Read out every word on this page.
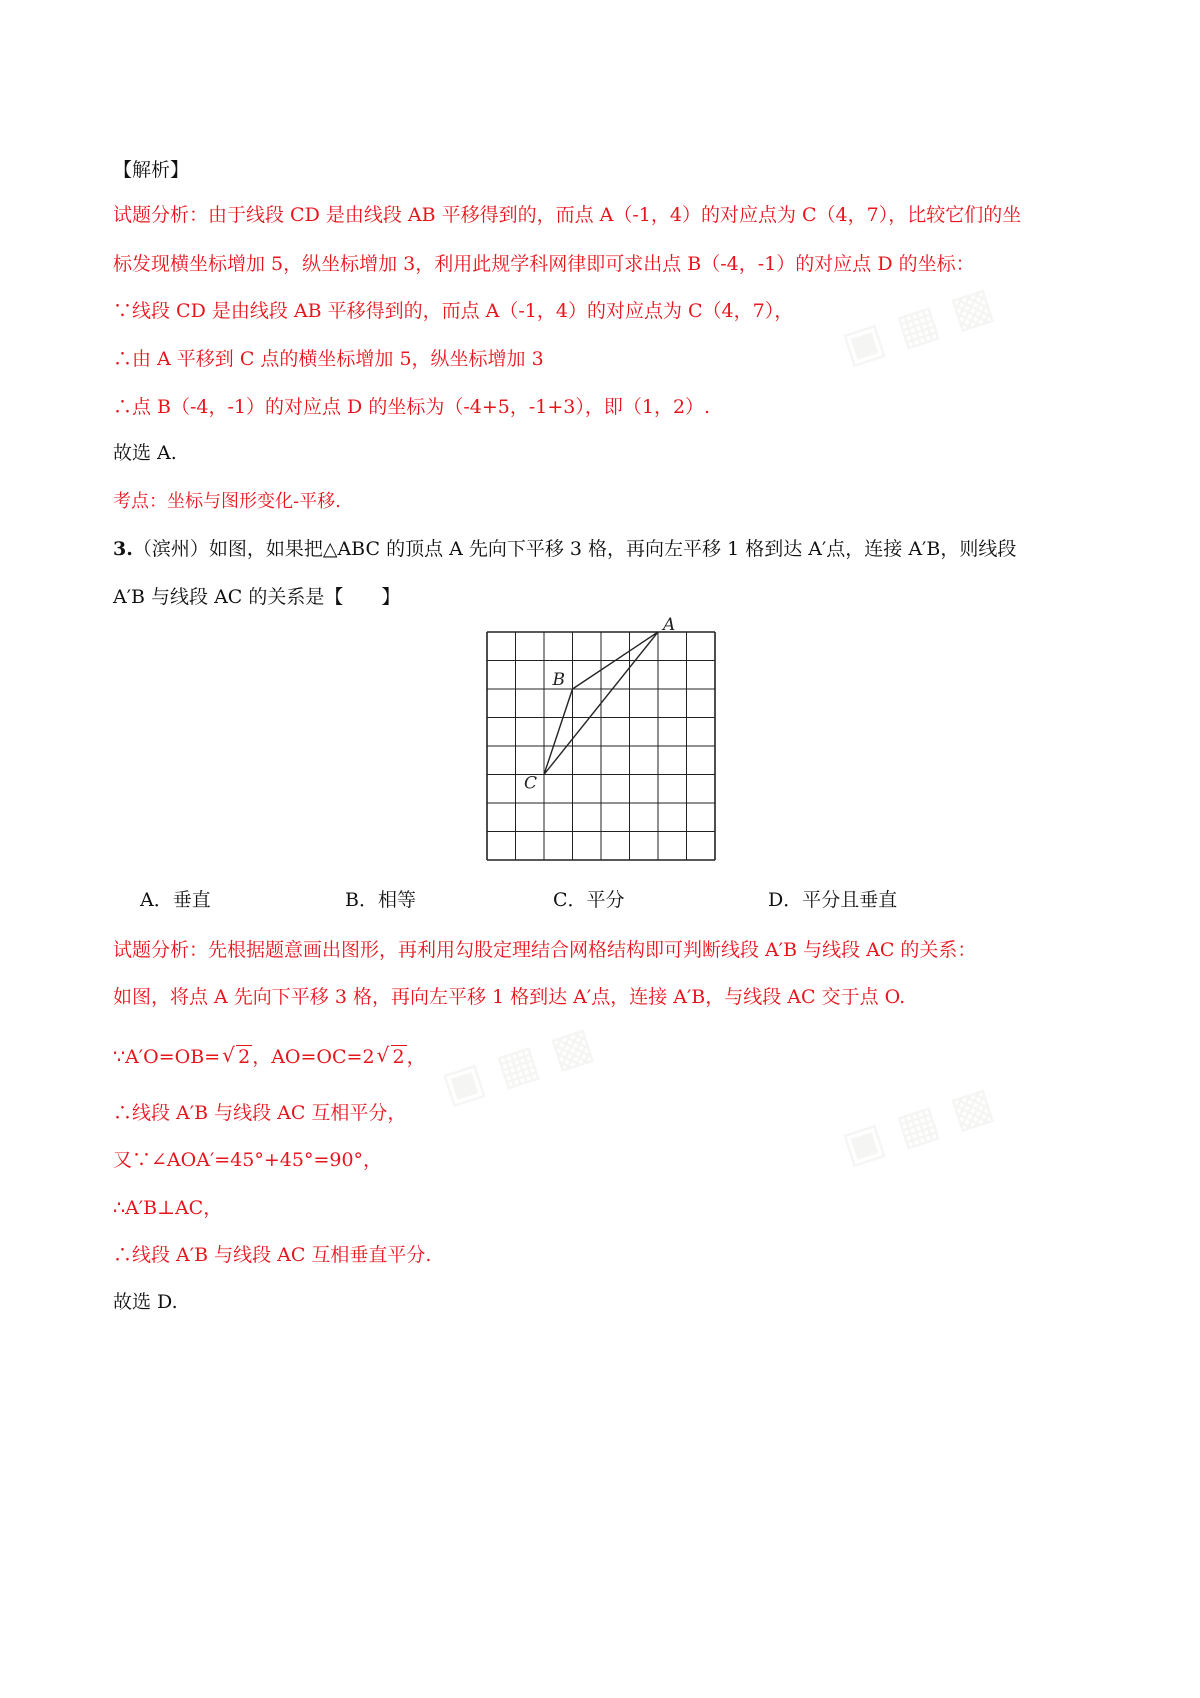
▣ ▦ ▩
▣ ▦ ▩
▣ ▦ ▩
【解析】
试题分析：由于线段 CD 是由线段 AB 平移得到的，而点 A（-1，4）的对应点为 C（4，7），比较它们的坐
标发现横坐标增加 5，纵坐标增加 3，利用此规学科网律即可求出点 B（-4，-1）的对应点 D 的坐标：
∵线段 CD 是由线段 AB 平移得到的，而点 A（-1，4）的对应点为 C（4，7），
∴由 A 平移到 C 点的横坐标增加 5，纵坐标增加 3
∴点 B（-4，-1）的对应点 D 的坐标为（-4+5，-1+3），即（1，2）.
故选 A.
考点：坐标与图形变化-平移.
3.（滨州）如图，如果把△ABC 的顶点 A 先向下平移 3 格，再向左平移 1 格到达 A′点，连接 A′B，则线段
A′B 与线段 AC 的关系是【　　】
A
B
C
A．垂直	B．相等	C．平分	D．平分且垂直
试题分析：先根据题意画出图形，再利用勾股定理结合网格结构即可判断线段 A′B 与线段 AC 的关系：
如图，将点 A 先向下平移 3 格，再向左平移 1 格到达 A′点，连接 A′B，与线段 AC 交于点 O.
∵A′O=OB= √ 2 ，AO=OC=2 √ 2 ，
∴线段 A′B 与线段 AC 互相平分，
又∵∠AOA′=45°+45°=90°，
∴A′B⊥AC，
∴线段 A′B 与线段 AC 互相垂直平分.
故选 D.
